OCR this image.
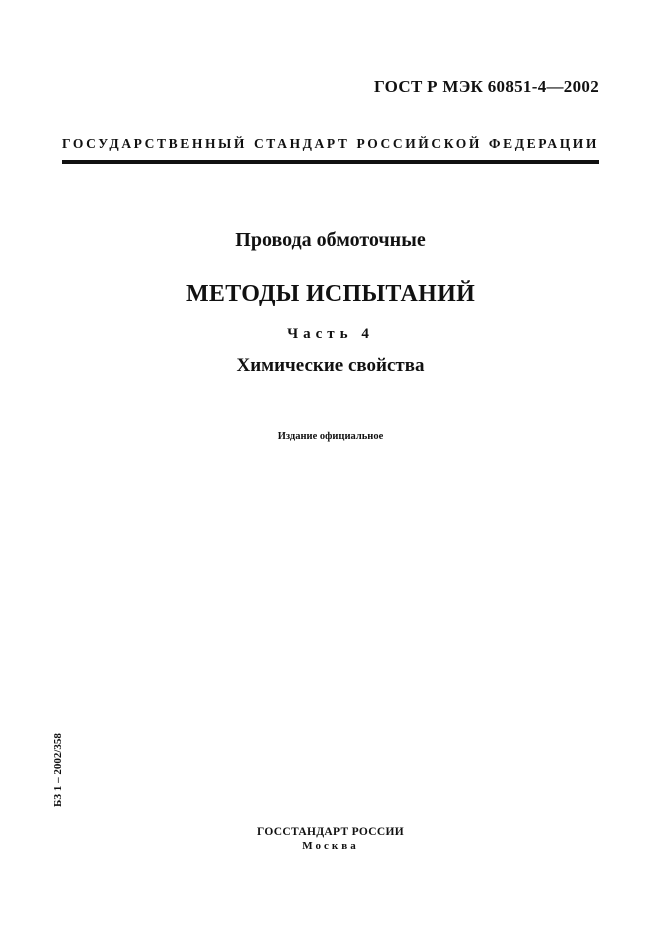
ГОСТ Р МЭК 60851-4—2002
ГОСУДАРСТВЕННЫЙ СТАНДАРТ РОССИЙСКОЙ ФЕДЕРАЦИИ
Провода обмоточные
МЕТОДЫ ИСПЫТАНИЙ
Часть 4
Химические свойства
Издание официальное
БЗ 1 – 2002/358
ГОССТАНДАРТ РОССИИ
Москва
